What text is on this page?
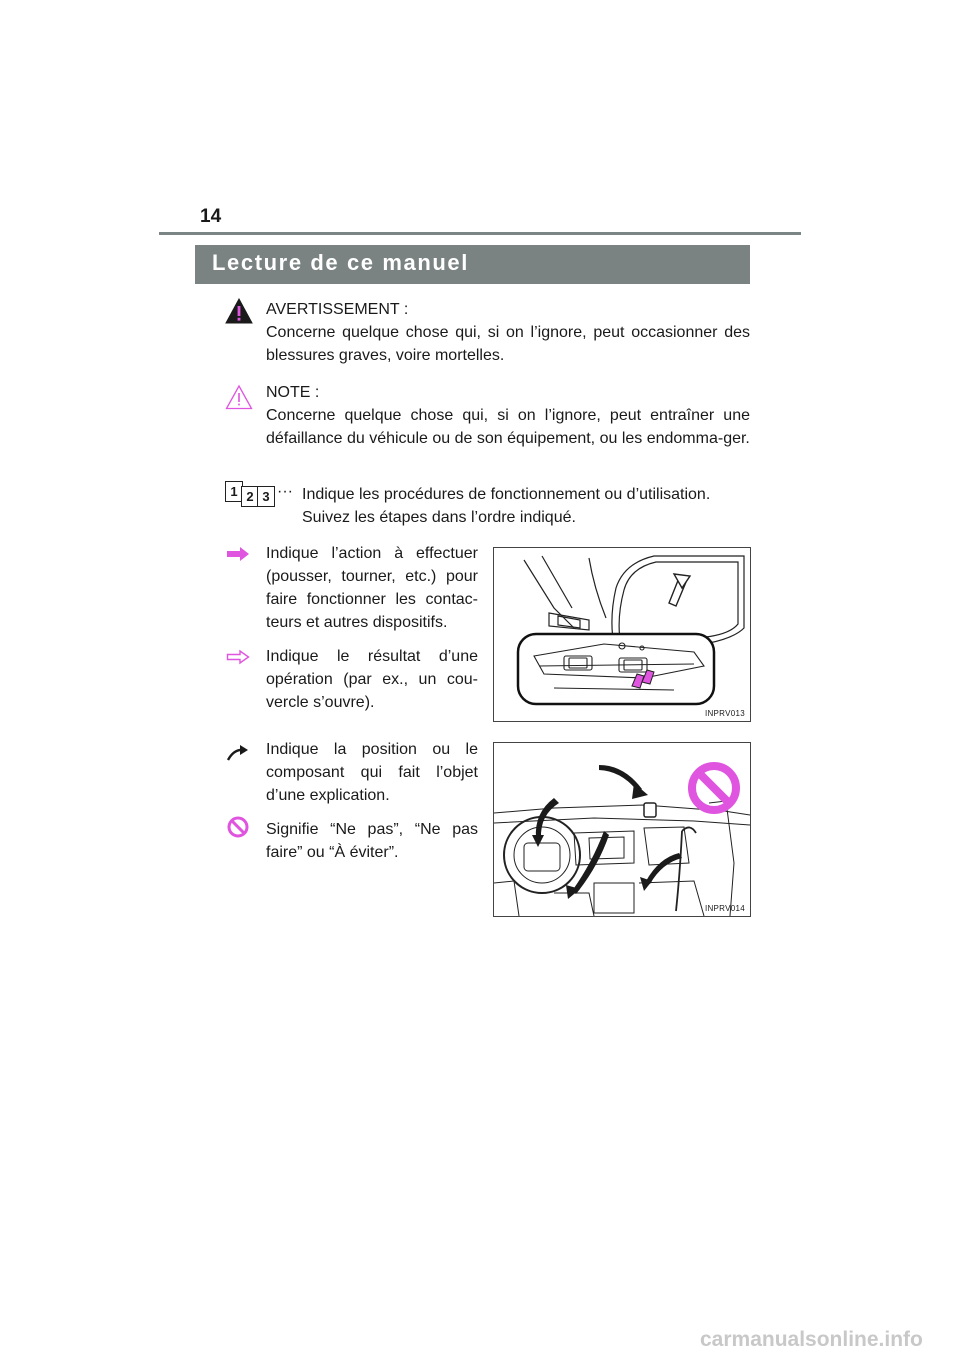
14
Lecture de ce manuel
AVERTISSEMENT :
Concerne quelque chose qui, si on l’ignore, peut occasionner des blessures graves, voire mortelles.
NOTE :
Concerne quelque chose qui, si on l’ignore, peut entraîner une défaillance du véhicule ou de son équipement, ou les endomma-ger.
1 2 3 ··· Indique les procédures de fonctionnement ou d’utilisation.
Suivez les étapes dans l’ordre indiqué.
Indique l’action à effectuer (pousser, tourner, etc.) pour faire fonctionner les contac-teurs et autres dispositifs.
Indique le résultat d’une opération (par ex., un cou-vercle s’ouvre).
Indique la position ou le composant qui fait l’objet d’une explication.
Signifie “Ne pas”, “Ne pas faire” ou “À éviter”.
INPRV013
INPRV014
carmanualsonline.info
